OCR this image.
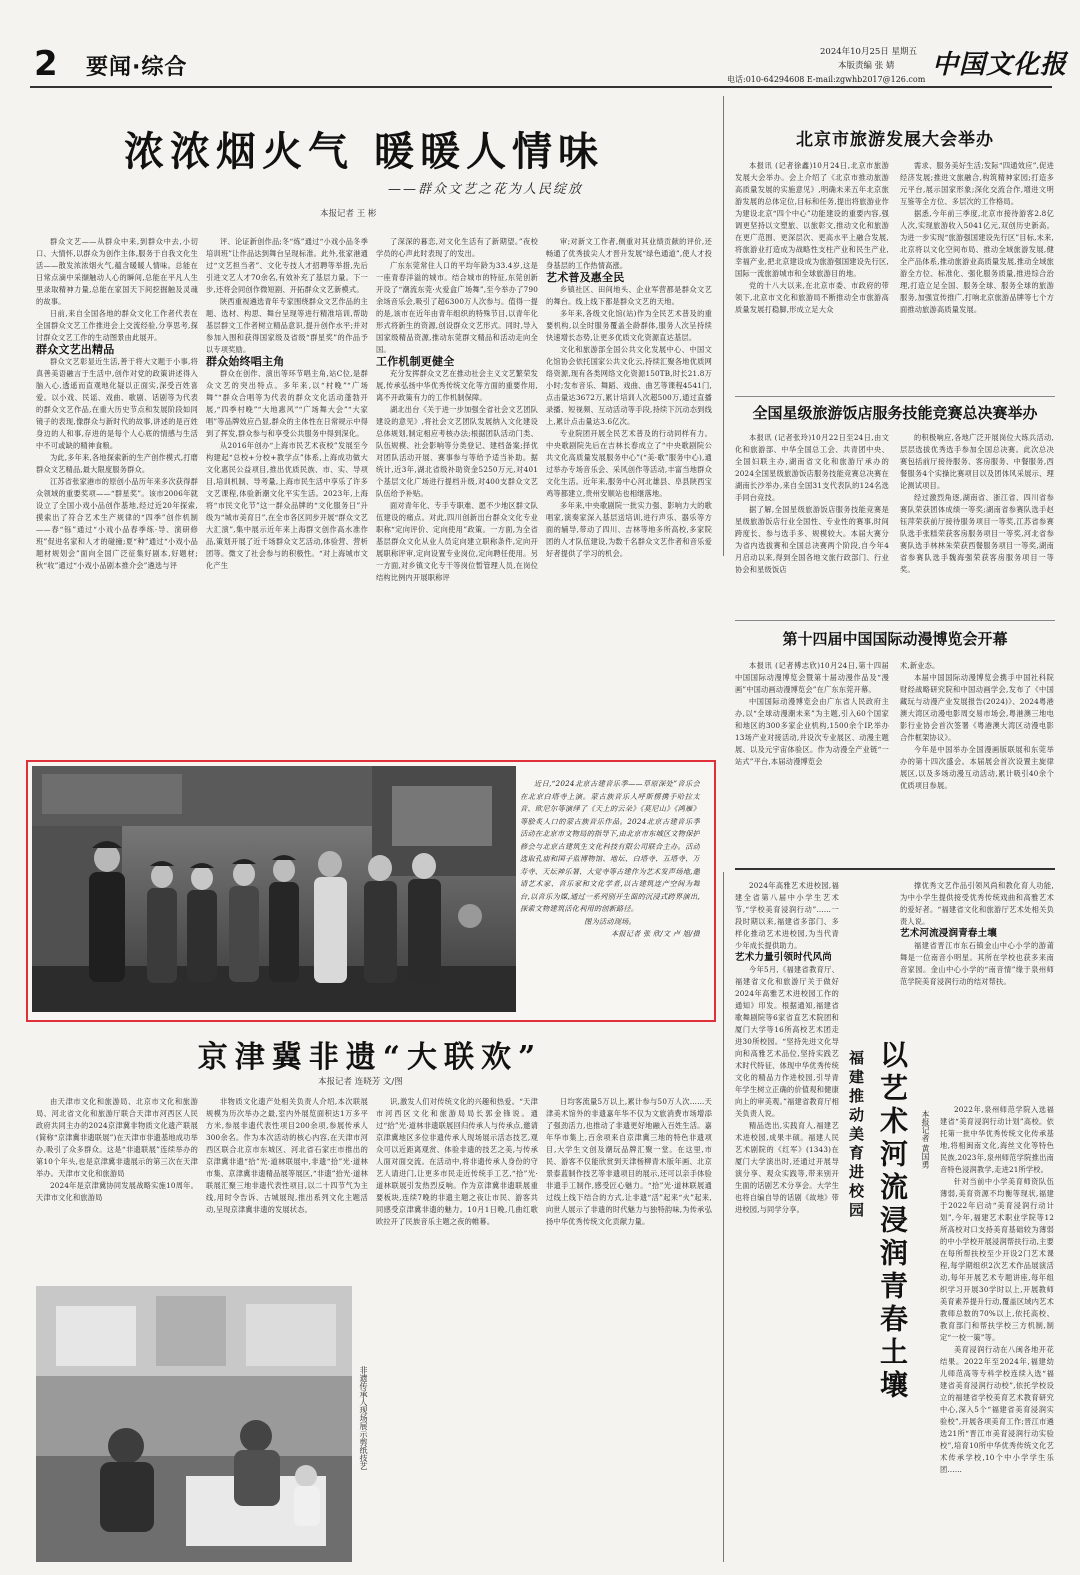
2 要闻·综合
2024年10月25日 星期五
本版责编 张 婧
电话:010-64294608 E-mail:zgwhb2017@126.com 中国文化报
浓浓烟火气 暖暖人情味
——群众文艺之花为人民绽放
本报记者 王 彬

群众文艺——从群众中来,到群众中去,小切口、大情怀,以群众为创作主体,服务于自我文化生活——散发浓浓烟火气,蕴含暖暖人情味。总能在日常点滴中采撷触动人心的瞬间,总能在平凡人生里录取精神力量,总能在家国天下间挖掘触及灵魂的故事。

日前,来自全国各地的群众文化工作者代表在全国群众文艺工作推进会上交流经验,分享思考,探讨群众文艺工作的生动图景由此展开。

群众文艺出精品

群众文艺彰显近生活,善于将大文题于小事,将真善美语融言于生活中,创作对党的政策讲述得入脑入心,透遥而直观地化疑以正面实,深受百姓喜爱。以小戏、民谣、戏曲、歌剧、话剧等为代表的群众文艺作品,在重大历史节点和发展阶段如同镜子的表现,像群众与新时代的故事,讲述的是百姓身边的人和事,存进的是每个人心底的情感与生活中不可或缺的精神食粮。

为此,多年来,各地探索新的生产创作模式,打磨群众文艺精品,最大限度服务群众。

江苏省张家港市的原创小品历年来多次获得群众领域的重要奖项——“群星奖”。该市2006年就设立了全国小戏小品创作基地,经过近20年探索,摸索出了符合艺术生产规律的“四季”创作机制——春“铄”通过“小戏小品春季练·导、演研修班”促进名家和人才的碰撞;夏“种”通过“小戏小品题材规划会”面向全国广泛征集好剧本,好题材;秋“收”通过“小戏小品剧本推介会”遴选与评

评、论证新创作品;冬“炼”通过“小戏小品冬季培训班”让作品达到舞台呈现标准。此外,张家港通过“文艺担当者”、文化专技人才招聘等举措,先后引进文艺人才70余名,有效补充了基层力量。下一步,还将会同创作微短剧、开拓群众文艺新模式。

陕西重视遴选青年专家围绕群众文艺作品的主题、选材、构思、舞台呈现等进行精准培训,帮助基层群文工作者树立精品意识,提升创作水平;并对参加入围和获得国家级及省级“群星奖”的作品予以专项奖励。

群众始终唱主角

群众在创作、演出等环节唱主角,站C位,是群众文艺的突出特点。多年来,以“村晚”“广场舞”“群众合唱等为代表的群众文化活动蓬勃开展,“四季村晚”“大地惠风”“广场舞大会”“大家唱”等品牌效应凸显,群众的主体性在日常规示中得到了挥发,群众参与和享受公共服务中得到深化。

从2016年创办“上海市民艺术夜校”发展至今构建起“总校+分校+教学点”体系,上海成功做大文化惠民公益项目,推出优质民族、市、实、导项目,培训机制、导考量,上海市民生活中享乐了许多文艺课程,体验新潮文化平实生活。2023年,上海将“市民文化节”这一群众品牌的“文化服务日”升级为“城市美育日”,在全市各区同步开展“群众文艺大汇演”,集中展示近年来上海群文创作高水准作品,策划开展了近千场群众文艺活动,体验营、营析团等。微文了社会参与的积极性。“对上海城市文化产生

了深深的暮恋,对文化生活有了新期望。”夜校学员的心声此时表现了的发出。

广东东莞常住人口的平均年龄为33.4岁,这是一座青春洋溢的城市。结合城市的特征,东莞创新开设了“潮流东莞·火爱盒广场舞”,至今举办了790余场音乐会,吸引了超6300万人次参与。值得一提的是,该市在近年由青年组织的特殊节目,以青年化形式将新生的资源,创设群众文艺形式。同时,导入国家级精品资源,推动东莞群文精品和活动走向全国。

工作机制更健全

充分发挥群众文艺在推动社会主义文艺繁荣发展,传承弘扬中华优秀传统文化等方面的重要作用,离不开政策有力的工作机制保障。

湖北出台《关于进一步加强全省社会文艺团队建设的意见》,将社会文艺团队发展纳入文化建设总体规划,制定相应考核办法;根据团队活动门类、队伍规模、社会影响等分类登记、建档备案;择优对团队活动开展、赛事参与等给予适当补助。据统计,近3年,湖北省级补助资金5250万元,对401个基层文化广场进行提档升级,对400支群众文艺队伍给予补贴。

面对青年化、专手专职难、愿不少地区群文队伍建设的痛点。对此,四川创新出台群众文化专业职称“定向评价、定向使用”政策。一方面,为全省基层群众文化从业人员定向建立职称条件,定向开展职称评审,定向设置专业岗位,定向聘任使用。另一方面,对乡镇文化专干等岗位暂管理人员,在岗位结构比例内开展职称评

审;对新文工作者,侧重对其业绩贡献的评价,还畅通了优秀拔尖人才晋升发展“绿色通道”,使人才投身基层的工作热情高涨。

艺术普及惠全民

乡镇社区、田间地头、企业军营都是群众文艺的舞台。线上线下都是群众文艺的天地。

多年来,各级文化馆(站)作为全民艺术普及的重要机构,以全时服务覆盖全龄群体,服务人次呈持续快速增长态势,让更多优质文化资源直达基层。

文化和旅游部全国公共文化发展中心、中国文化馆协会依托国家公共文化云,持续汇聚各地优质网络资源,现有各类网络文化资源150TB,时长21.8万小时;发布音乐、舞蹈、戏曲、曲艺等课程4541门,点击量达3672万,累计培训人次超500万,通过直播录播、短视频、互动活动等手段,持续下沉动态到线上,累计点击量达3.6亿次。

专业院团开展全民艺术普及的行动同样有力。中央歌剧院先后在吉林长春成立了“中央歌剧院公共文化高质量发展服务中心”(“美·歌”服务中心),通过举办专场音乐会、采风创作等活动,丰富当地群众文化生活。近年来,服务中心河北雄县、阜县陕西宝鸡等都建立,贵州安顺站也相继落地。

多年来,中央歌剧院一批实力强、影响力大的歌唱家,演奏家深入基层送培训,进行声乐、器乐等方面的辅导,带动了四川、吉林等地多所高校,多家院团的人才队伍建设,为数千名群众文艺作者和音乐爱好者提供了学习的机会。

近日,“2024北京古建音乐季——草原深处”音乐会在北京白塔寺上演。蒙古族音乐人呼斯楞携手哈拉太音、欧尼尔等演绎了《天上的云朵》《莫尼山》《鸿雁》等脍炙人口的蒙古族音乐作品。2024北京古建音乐季活动在北京市文物局的指导下,由北京市东城区文物保护修会与北京古建筑生文化科技有限公司联合主办。活动选取孔庙和国子监博物馆、地坛、白塔寺、五塔寺、万寿寺、天坛神乐署、大觉寺等古建作为艺术发声场地,邀请艺术家、音乐家和文化学者,以古建筑连产空间为舞台,以音乐为媒,通过一系列别开生面的沉浸式跨界演出,探索文物建筑活化利用的创新路径。

图为活动现场。

本报记者 张 欣/文 卢 旭/摄

京津冀非遗“大联欢”
本报记者 连晓芳 文/图

由天津市文化和旅游局、北京市文化和旅游局、河北省文化和旅游厅联合天津市河西区人民政府共同主办的2024京津冀非物质文化遗产联展(简称“京津冀非遗联展”)在天津市非遗基地成功举办,吸引了众多群众。这是“非遗联展”连续举办的第10个年头,也是京津冀非遗展示的第三次在天津举办。天津市文化和旅游局

2024年是京津冀协同发展战略实施10周年。天津市文化和旅游局

非物质文化遗产处相关负责人介绍,本次联展规模为历次举办之最,室内外展览面积达1万多平方米,参展非遗代表性项目200余项,参展传承人300余名。作为本次活动的核心内容,在天津市河西区联合北京市东城区、河北省石家庄市推出的京津冀非遗“拾”光·道林联展中,非遗“拾”光·道林市集、京津冀非遗精品展等展区,“非遗”拾光·道林联展汇聚三地非遗代表性项目,以二十四节气为主线,用时令告诉、古城展现,推出系列文化主题活动,呈现京津冀非遗的发展状态。

识,激发人们对传统文化的兴趣和热爱。“天津市河西区文化和旅游局局长郭金锋说。通过“拾”光·道林非遗联展回归传承人与传承点,邀请京津冀地区多位非遗传承人现场展示活态技艺,观众可以近距离观赏、体验非遗的技艺之美,与传承人面对面交流。在活动中,将非遗传承人身份的守艺人请进门,让更多市民走近传统手工艺,“拾”光·道林联展引发热烈反响。作为京津冀非遗联展重要板块,连续7晚的非遗主题之夜让市民、游客共同感受京津冀非遗的魅力。10月1日晚,几曲红歌欧拉开了民族音乐主题之夜的帷幕。

日均客流量5万以上,累计参与50万人次……天津美术馆外的非遗嘉年华不仅为文旅消费市场增添了强劲活力,也推动了非遗更好地融入百姓生活。嘉年华市集上,百余项来自京津冀三地的特色非遗项目,大学生文创及潮玩品牌汇聚一堂。在这里,市民、游客不仅能欣赏到天津杨柳青木版年画、北京景泰蓝制作技艺等非遗项目的展示,还可以亲手体验非遗手工制作,感受匠心魅力。“拾”光·道林联展通过线上线下结合的方式,让非遗“活”起来“火”起来,向世人展示了非遗的时代魅力与独特韵味,为传承弘扬中华优秀传统文化贡献力量。

非遗传承人现场展示剪纸技艺
北京市旅游发展大会举办

本报讯 (记者徐鑫)10月24日,北京市旅游发展大会举办。会上介绍了《北京市推动旅游高质量发展的实施意见》,明确未来五年北京旅游发展的总体定位,目标和任务,提出将旅游业作为建设北京“四个中心”功能建设的重要内容,强调更坚持以文塑旅、以旅彰文,推动文化和旅游在更广范围、更深层次、更高水平上融合发展,将旅游业打造成为战略性支柱产业和民生产业,幸福产业,把北京建设成为旅游强国建设先行区,国际一流旅游城市和全球旅游目的地。

党的十八大以来,在北京市委、市政府的带领下,北京市文化和旅游局不断推动全市旅游高质量发展打稳脚,形成立足大众

需求、服务美好生活;发际“四通效应”,促进经济发展;推进文旅融合,构筑精神家园;打造多元平台,展示国家形象;深化交流合作,增进文明互鉴等全方位、多层次的工作格局。

据悉,今年前三季度,北京市接待游客2.8亿人次,实现旅游收入5041亿元,双创历史新高。为进一步实现“旅游强国建设先行区”目标,未来,北京将以文化空间布局、推动全域旅游发展,健全产品体系,推动旅游业高质量发展,推动全域旅游全方位、标准化、强化服务质量,推进综合治理,打造立足全国、服务全球、服务全球的旅游服务,加强宣传推广,打响北京旅游品牌等七个方面推动旅游高质量发展。

全国星级旅游饭店服务技能竞赛总决赛举办

本报讯 (记者张玲)10月22日至24日,由文化和旅游部、中华全国总工会、共青团中央、全国妇联主办,湖南省文化和旅游厅承办的2024全国星级旅游饭店服务技能竞赛总决赛在湖南长沙举办,来自全国31支代表队的124名选手同台竞技。

据了解,全国星级旅游饭店服务技能竞赛是星级旅游饭店行业全国性、专业性的赛事,时间跨度长、参与选手多、规模较大。本届大赛分为省内选拔赛和全国总决赛两个阶段,自今年4月启动以来,得到全国各地文旅行政部门、行业协会和星级饭店

的积极响应,各地广泛开展岗位大练兵活动,层层选拔优秀选手参加全国总决赛。此次总决赛包括前厅接待服务、客房服务、中餐服务,西餐服务4个实操比赛项目以及团体风采展示、理论测试项目。

经过激烈角逐,湖南省、浙江省、四川省参赛队荣获团体成绩一等奖;湖南省参赛队选手赵钰萍荣获前厅接待服务项目一等奖,江苏省参赛队选手张糕荣获客房服务项目一等奖,河北省参赛队选手林林朱荣获西餐服务项目一等奖,湖南省参赛队选手魏海强荣获客房服务项目一等奖。

第十四届中国国际动漫博览会开幕

本报讯 (记者傅志欣)10月24日,第十四届中国国际动漫博览会暨第十届动漫作品及“漫画”中国动画动漫博览会”在广东东莞开幕。

中国国际动漫博览会由广东省人民政府主办,以“全球动漫潮未来”为主题,引入60个国家和地区的300多家企业机构,1500余个IP,举办13场产业对接活动,并设次专业展区、动漫主题展、以及元宇宙体验区。作为动漫全产业链“一站式”平台,本届动漫博览会

术,新业态。

本届中国国际动漫博览会携手中国社科院财经战略研究院和中国动画学会,发布了《中国藏玩与动漫产业发展报告(2024)》、2024粤港澳大湾区动漫电影周交易市场会,粤港澳三地电影行业协会首次签署《粤港澳大湾区动漫电影合作框架协议》。

今年是中国举办全国漫画版联展和东莞举办的第十四次盛会。本届展会首次设置主旋律展区,以及多场动漫互动活动,累计吸引40余个优质项目参展。

2024年高雅艺术进校园,福建全省第八届中小学生艺术节,“学校美育浸润行动”……一段时期以来,福建省多部门、多样化推动艺术进校园,为当代青少年成长提供助力。

艺术力量引领时代风尚

今年5月,《福建省教育厅、福建省文化和旅游厅关于做好2024年高雅艺术进校园工作的通知》印发。根据通知,福建省歌舞剧院等6家省直艺术院团和厦门大学等16所高校艺术团走进30所校园。“坚持先进文化导向和高雅艺术品位,坚持实践艺术时代特征、体现中华优秀传统文化的精品力作进校园,引导青年学生树立正确的价值观和健康向上的审美观。”福建省教育厅相关负责人说。

精品迭出,实践育人,福建艺术进校园,成果丰硕。福建人民艺术剧院的《红军》(1343)在厦门大学演出时,还通过开展导演分享、观众实践等,带来别开生面的话剧艺术分享会。大学生也将自编自导的话剧《故地》带进校园,与同学分享。	福建推动美育进校园 以艺术河流浸润青春土壤	本报记者 黄国勇

撑优秀文艺作品引领风尚和教化育人功能,为中小学生提供接受优秀传统戏曲和高雅艺术的爱好者。“福建省文化和旅游厅艺术处相关负责人说。

艺术河流浸润青春土壤

福建省晋江市东石镇金山中心小学的游莆舞是一位南音小明星。其所在学校也获多来南音家园。金山中心小学的“南音情”缘于泉州师范学院美育浸润行动的结对帮扶。

2022年,泉州师范学院入选福建省“美育浸润行动计划”高校。依托第一批中华优秀传统文化传承基地,将相闽南文化,海丝文化等特色民族,2023年,泉州师范学院推出南音特色浸润教学,走进21所学校。

针对当前中小学美育师资队伍薄弱,美育资源不均衡等现状,福建于2022年启动“美育浸润行动计划”,今年,福建艺术职业学院等12所高校对口支持美育基础较为薄弱的中小学校开展浸润帮扶行动,主要在每所帮扶校至少开设2门艺术课程,每学期组织2次艺术作品展演活动,每年开展艺术专题讲座,每年组织学习开展30学时以上,开展教师美育素养提升行动,覆盖区域内艺术教师总数的70%以上,依托高校、教育部门和帮扶学校三方机制,制定“一校一策”等。

美育浸润行动在八闽各地开花结果。2022年至2024年,福建幼儿师范高等专科学校连续入选“福建省美育浸润行动校”,依托学校设立的福建省学校美育艺术教育研究中心,深入5个“福建省美育浸润实验校”,开展各项美育工作;晋江市遴选21所“晋江市美育浸润行动实验校”,培育10所中华优秀传统文化艺术传承学校,10个中小学学生乐团……
